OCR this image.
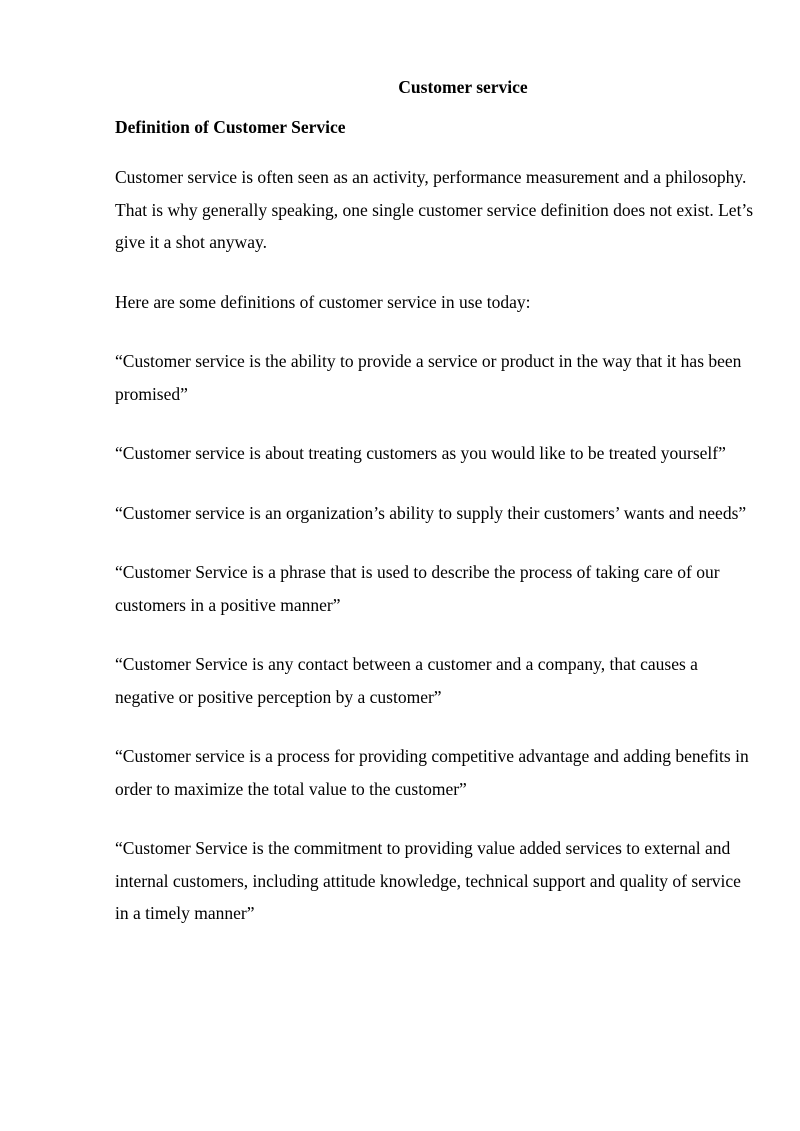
Customer service
Definition of Customer Service

Customer service is often seen as an activity, performance measurement and a philosophy.

That is why generally speaking, one single customer service definition does not exist. Let’s give it a shot anyway.

Here are some definitions of customer service in use today:

“Customer service is the ability to provide a service or product in the way that it has been promised”

“Customer service is about treating customers as you would like to be treated yourself”

“Customer service is an organization’s ability to supply their customers’ wants and needs”

“Customer Service is a phrase that is used to describe the process of taking care of our customers in a positive manner”

“Customer Service is any contact between a customer and a company, that causes a negative or positive perception by a customer”

“Customer service is a process for providing competitive advantage and adding benefits in order to maximize the total value to the customer”

“Customer Service is the commitment to providing value added services to external and internal customers, including attitude knowledge, technical support and quality of service in a timely manner”
